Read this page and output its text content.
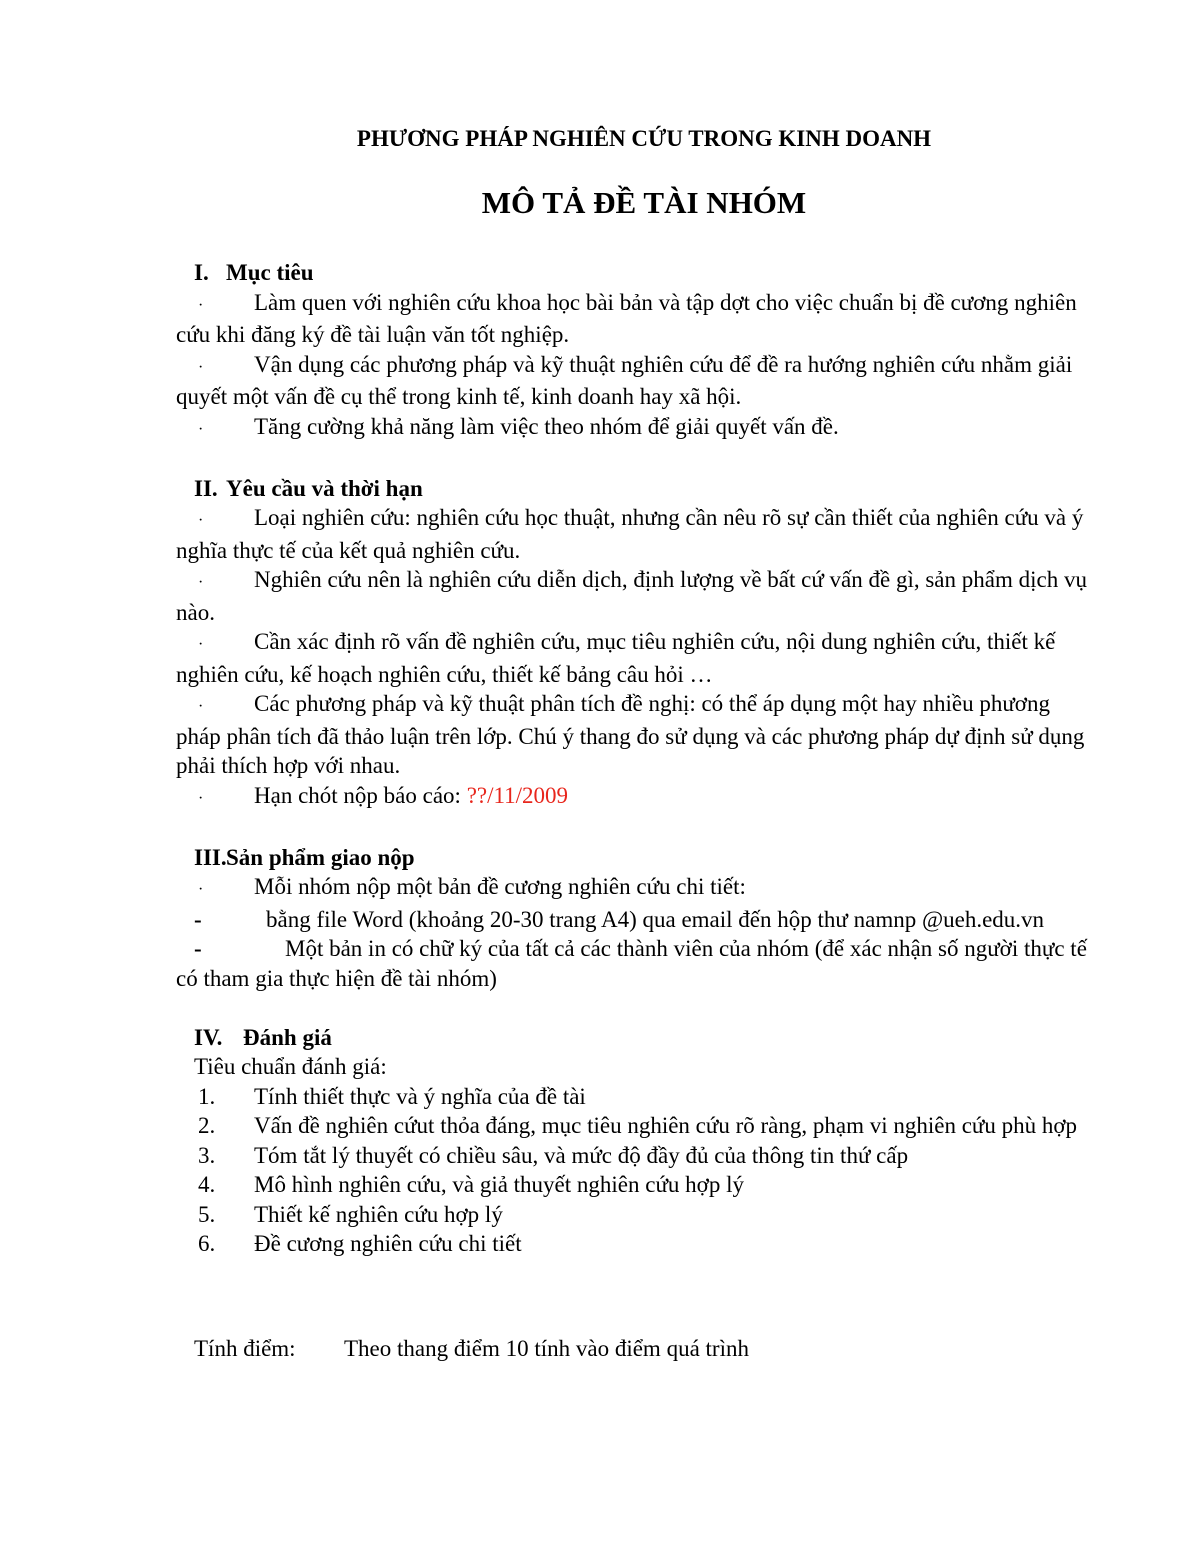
PHƯƠNG PHÁP NGHIÊN CỨU TRONG KINH DOANH
MÔ TẢ ĐỀ TÀI NHÓM
I. Mục tiêu
· Làm quen với nghiên cứu khoa học bài bản và tập dợt cho việc chuẩn bị đề cương nghiên cứu khi đăng ký đề tài luận văn tốt nghiệp.
· Vận dụng các phương pháp và kỹ thuật nghiên cứu để đề ra hướng nghiên cứu nhằm giải quyết một vấn đề cụ thể trong kinh tế, kinh doanh hay xã hội.
· Tăng cường khả năng làm việc theo nhóm để giải quyết vấn đề.
II. Yêu cầu và thời hạn
· Loại nghiên cứu: nghiên cứu học thuật, nhưng cần nêu rõ sự cần thiết của nghiên cứu và ý nghĩa thực tế của kết quả nghiên cứu.
· Nghiên cứu nên là nghiên cứu diễn dịch, định lượng về bất cứ vấn đề gì, sản phẩm dịch vụ nào.
· Cần xác định rõ vấn đề nghiên cứu, mục tiêu nghiên cứu, nội dung nghiên cứu, thiết kế nghiên cứu, kế hoạch nghiên cứu, thiết kế bảng câu hỏi …
· Các phương pháp và kỹ thuật phân tích đề nghị: có thể áp dụng một hay nhiều phương pháp phân tích đã thảo luận trên lớp. Chú ý thang đo sử dụng và các phương pháp dự định sử dụng phải thích hợp với nhau.
· Hạn chót nộp báo cáo: ??/11/2009
III.Sản phẩm giao nộp
· Mỗi nhóm nộp một bản đề cương nghiên cứu chi tiết:
-	bằng file Word (khoảng 20-30 trang A4) qua email đến hộp thư namnp @ueh.edu.vn
-	Một bản in có chữ ký của tất cả các thành viên của nhóm (để xác nhận số người thực tế có tham gia thực hiện đề tài nhóm)
IV. Đánh giá
Tiêu chuẩn đánh giá:
1. Tính thiết thực và ý nghĩa của đề tài
2. Vấn đề nghiên cứut thỏa đáng, mục tiêu nghiên cứu rõ ràng, phạm vi nghiên cứu phù hợp
3. Tóm tắt lý thuyết có chiều sâu, và mức độ đầy đủ của thông tin thứ cấp
4. Mô hình nghiên cứu, và giả thuyết nghiên cứu hợp lý
5. Thiết kế nghiên cứu hợp lý
6. Đề cương nghiên cứu chi tiết
Tính điểm: Theo thang điểm 10 tính vào điểm quá trình
